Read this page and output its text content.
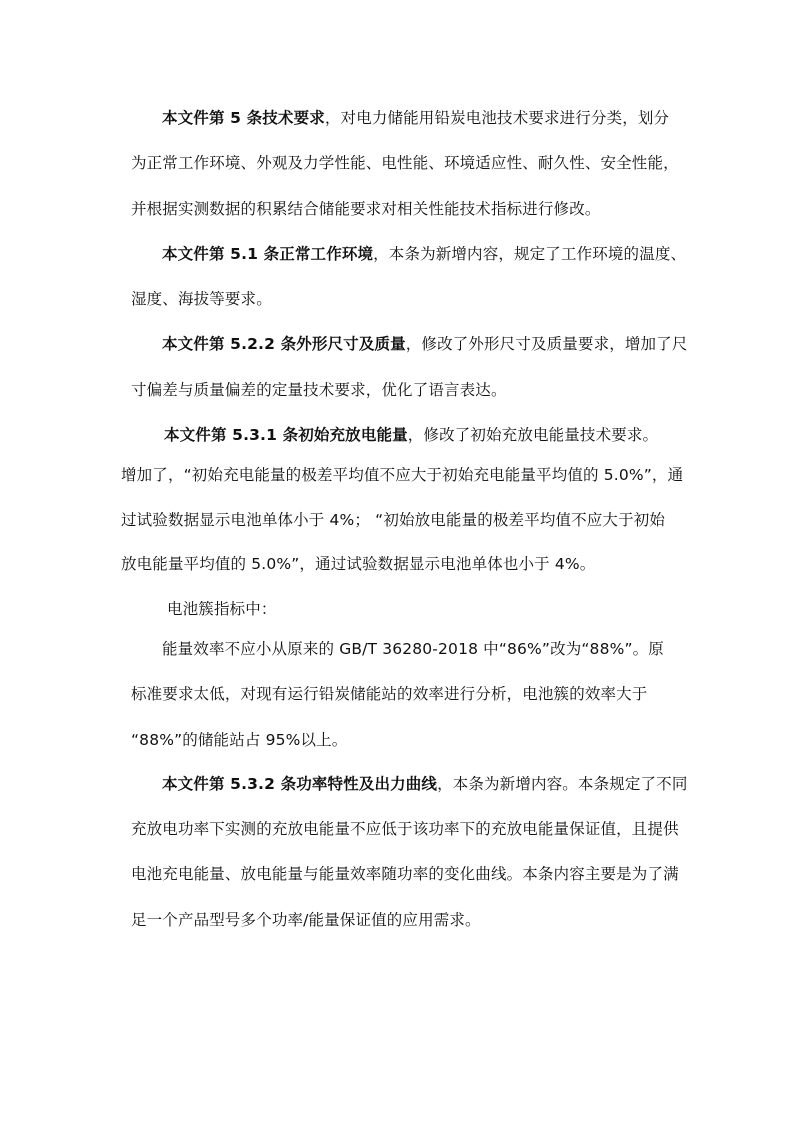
本文件第 5 条技术要求，对电力储能用铅炭电池技术要求进行分类，划分
为正常工作环境、外观及力学性能、电性能、环境适应性、耐久性、安全性能，
并根据实测数据的积累结合储能要求对相关性能技术指标进行修改。
本文件第 5.1 条正常工作环境，本条为新增内容，规定了工作环境的温度、
湿度、海拔等要求。
本文件第 5.2.2 条外形尺寸及质量，修改了外形尺寸及质量要求，增加了尺
寸偏差与质量偏差的定量技术要求，优化了语言表达。
本文件第 5.3.1 条初始充放电能量，修改了初始充放电能量技术要求。
增加了，“初始充电能量的极差平均值不应大于初始充电能量平均值的 5.0%”，通
过试验数据显示电池单体小于 4%； “初始放电能量的极差平均值不应大于初始
放电能量平均值的 5.0%”，通过试验数据显示电池单体也小于 4%。
电池簇指标中：
能量效率不应小从原来的 GB/T 36280-2018 中“86%”改为“88%”。原
标准要求太低，对现有运行铅炭储能站的效率进行分析，电池簇的效率大于
“88%”的储能站占 95%以上。
本文件第 5.3.2 条功率特性及出力曲线，本条为新增内容。本条规定了不同
充放电功率下实测的充放电能量不应低于该功率下的充放电能量保证值，且提供
电池充电能量、放电能量与能量效率随功率的变化曲线。本条内容主要是为了满
足一个产品型号多个功率/能量保证值的应用需求。
